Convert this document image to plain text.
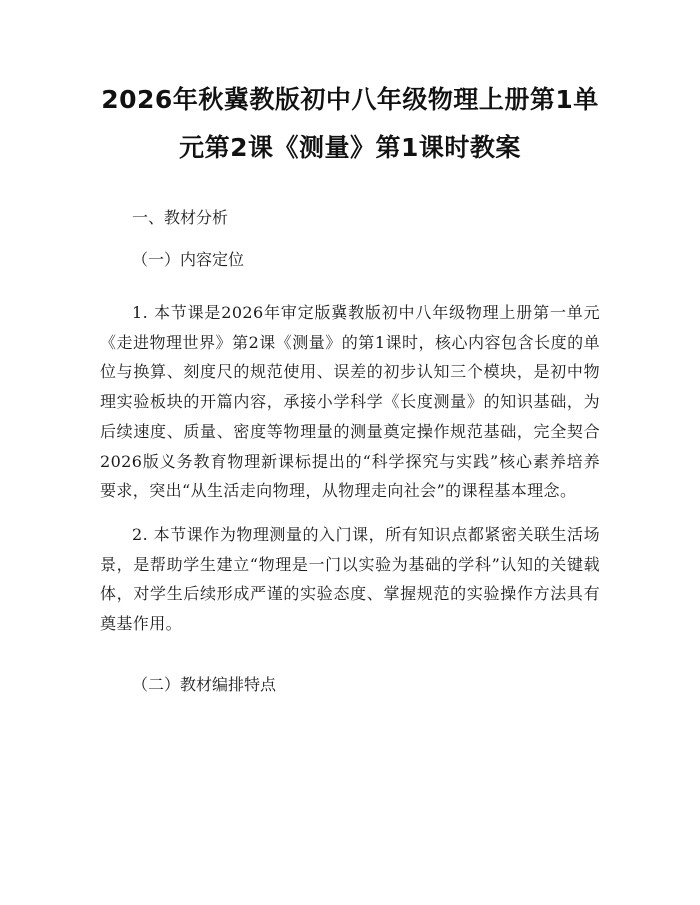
2026年秋冀教版初中八年级物理上册第1单
元第2课《测量》第1课时教案

一、教材分析

（一）内容定位

1. 本节课是2026年审定版冀教版初中八年级物理上册第一单元《走进物理世界》第2课《测量》的第1课时，核心内容包含长度的单位与换算、刻度尺的规范使用、误差的初步认知三个模块，是初中物理实验板块的开篇内容，承接小学科学《长度测量》的知识基础，为后续速度、质量、密度等物理量的测量奠定操作规范基础，完全契合2026版义务教育物理新课标提出的“科学探究与实践”核心素养培养要求，突出“从生活走向物理，从物理走向社会”的课程基本理念。

2. 本节课作为物理测量的入门课，所有知识点都紧密关联生活场景，是帮助学生建立“物理是一门以实验为基础的学科”认知的关键载体，对学生后续形成严谨的实验态度、掌握规范的实验操作方法具有奠基作用。

（二）教材编排特点
